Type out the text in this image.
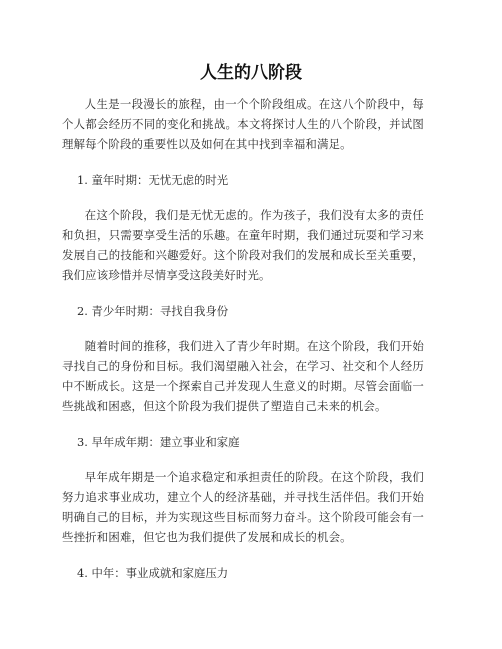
人生的八阶段

人生是一段漫长的旅程，由一个个阶段组成。在这八个阶段中，每个人都会经历不同的变化和挑战。本文将探讨人生的八个阶段，并试图理解每个阶段的重要性以及如何在其中找到幸福和满足。

1. 童年时期：无忧无虑的时光

在这个阶段，我们是无忧无虑的。作为孩子，我们没有太多的责任和负担，只需要享受生活的乐趣。在童年时期，我们通过玩耍和学习来发展自己的技能和兴趣爱好。这个阶段对我们的发展和成长至关重要，我们应该珍惜并尽情享受这段美好时光。

2. 青少年时期：寻找自我身份

随着时间的推移，我们进入了青少年时期。在这个阶段，我们开始寻找自己的身份和目标。我们渴望融入社会，在学习、社交和个人经历中不断成长。这是一个探索自己并发现人生意义的时期。尽管会面临一些挑战和困惑，但这个阶段为我们提供了塑造自己未来的机会。

3. 早年成年期：建立事业和家庭

早年成年期是一个追求稳定和承担责任的阶段。在这个阶段，我们努力追求事业成功，建立个人的经济基础，并寻找生活伴侣。我们开始明确自己的目标，并为实现这些目标而努力奋斗。这个阶段可能会有一些挫折和困难，但它也为我们提供了发展和成长的机会。

4. 中年：事业成就和家庭压力
